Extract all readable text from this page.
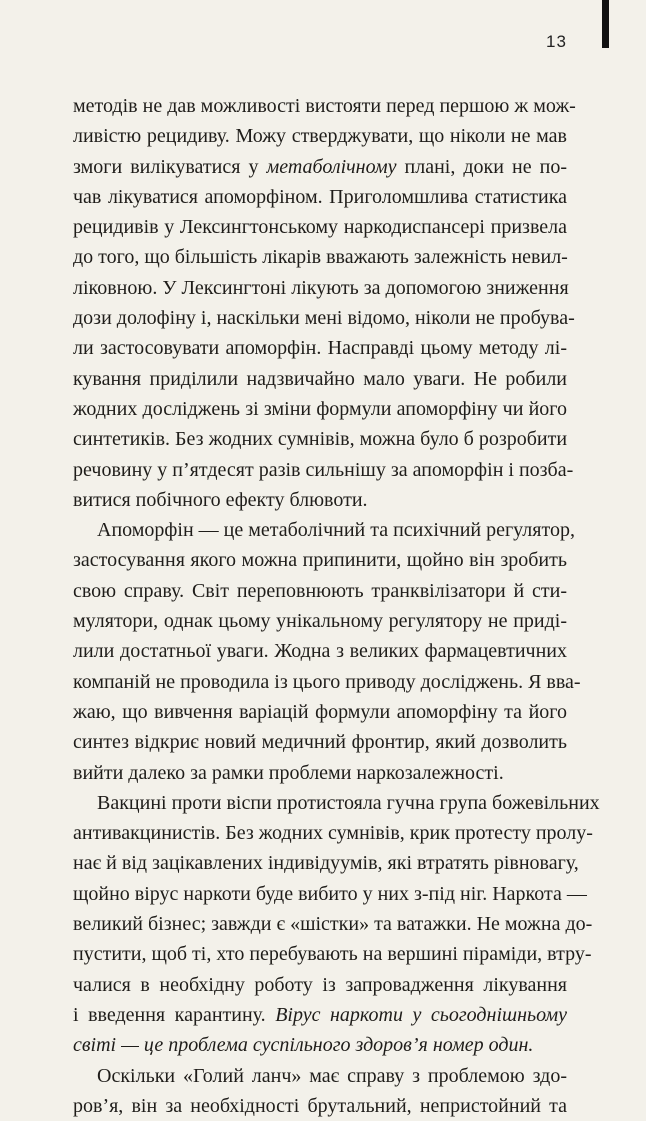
13
методів не дав можливості вистояти перед першою ж мож-
ливістю рецидиву. Можу стверджувати, що ніколи не мав
змоги вилікуватися у метаболічному плані, доки не по-
чав лікуватися апоморфіном. Приголомшлива статистика
рецидивів у Лексингтонському наркодиспансері призвела
до того, що більшість лікарів вважають залежність невил-
ліковною. У Лексингтоні лікують за допомогою зниження
дози долофіну і, наскільки мені відомо, ніколи не пробува-
ли застосовувати апоморфін. Насправді цьому методу лі-
кування приділили надзвичайно мало уваги. Не робили
жодних досліджень зі зміни формули апоморфіну чи його
синтетиків. Без жодних сумнівів, можна було б розробити
речовину у п’ятдесят разів сильнішу за апоморфін і позба-
витися побічного ефекту блювоти.
Апоморфін — це метаболічний та психічний регулятор,
застосування якого можна припинити, щойно він зробить
свою справу. Світ переповнюють транквілізатори й сти-
мулятори, однак цьому унікальному регулятору не приді-
лили достатньої уваги. Жодна з великих фармацевтичних
компаній не проводила із цього приводу досліджень. Я вва-
жаю, що вивчення варіацій формули апоморфіну та його
синтез відкриє новий медичний фронтир, який дозволить
вийти далеко за рамки проблеми наркозалежності.
Вакцині проти віспи протистояла гучна група божевільних
антивакцинистів. Без жодних сумнівів, крик протесту пролу-
нає й від зацікавлених індивідуумів, які втратять рівновагу,
щойно вірус наркоти буде вибито у них з-під ніг. Наркота —
великий бізнес; завжди є «шістки» та ватажки. Не можна до-
пустити, щоб ті, хто перебувають на вершині піраміди, втру-
чалися в необхідну роботу із запровадження лікування
і введення карантину. Вірус наркоти у сьогоднішньому
світі — це проблема суспільного здоров’я номер один.
Оскільки «Голий ланч» має справу з проблемою здо-
ров’я, він за необхідності брутальний, непристойний та
